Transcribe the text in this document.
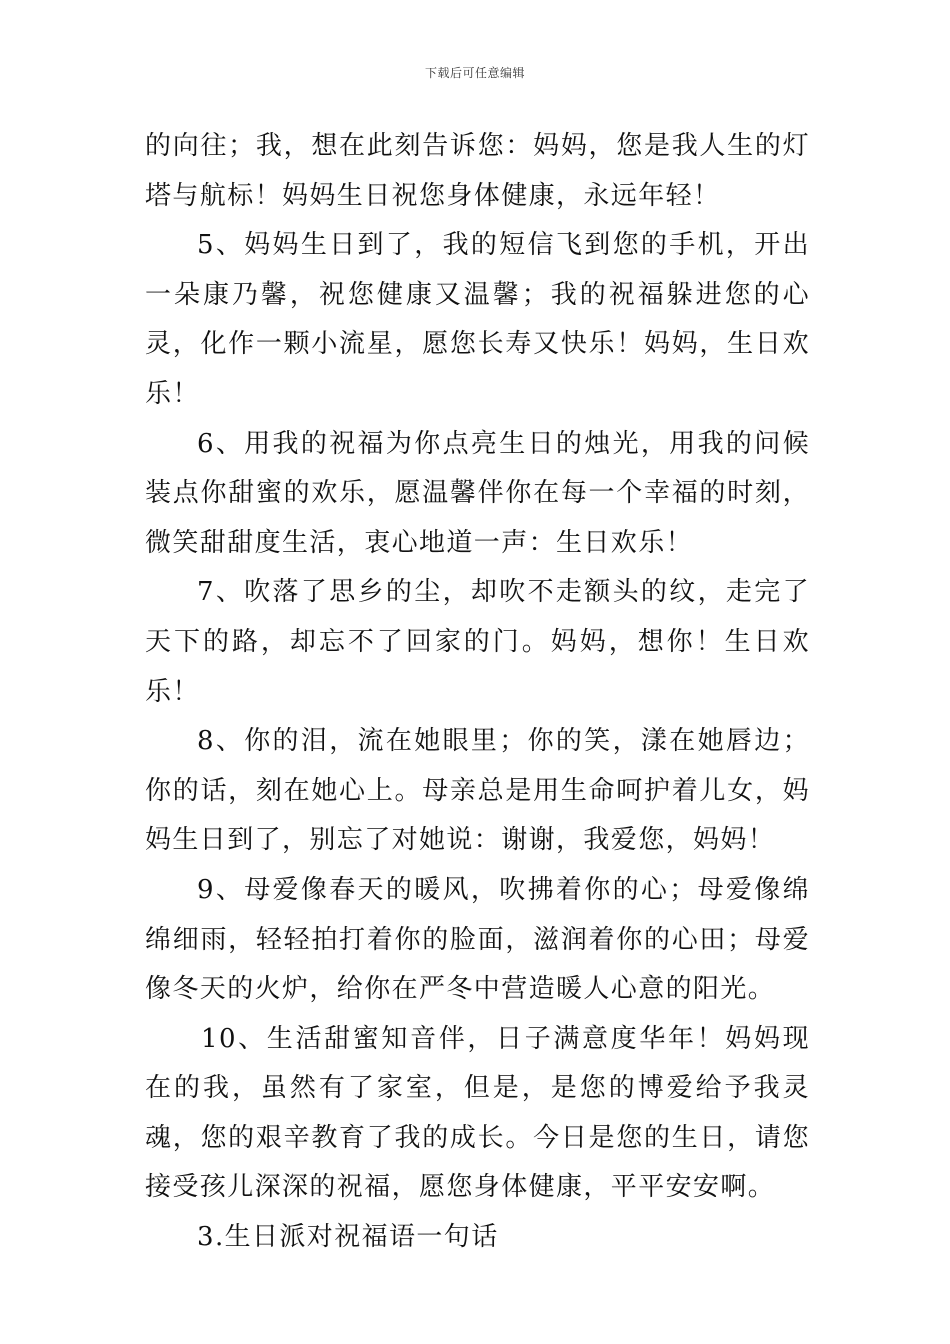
下载后可任意编辑

的向往；我，想在此刻告诉您：妈妈，您是我人生的灯塔与航标！妈妈生日祝您身体健康，永远年轻！

5、妈妈生日到了，我的短信飞到您的手机，开出一朵康乃馨，祝您健康又温馨；我的祝福躲进您的心灵，化作一颗小流星，愿您长寿又快乐！妈妈，生日欢乐！

6、用我的祝福为你点亮生日的烛光，用我的问候装点你甜蜜的欢乐，愿温馨伴你在每一个幸福的时刻，微笑甜甜度生活，衷心地道一声：生日欢乐！

7、吹落了思乡的尘，却吹不走额头的纹，走完了天下的路，却忘不了回家的门。妈妈，想你！生日欢乐！

8、你的泪，流在她眼里；你的笑，漾在她唇边；你的话，刻在她心上。母亲总是用生命呵护着儿女，妈妈生日到了，别忘了对她说：谢谢，我爱您，妈妈！

9、母爱像春天的暖风，吹拂着你的心；母爱像绵绵细雨，轻轻拍打着你的脸面，滋润着你的心田；母爱像冬天的火炉，给你在严冬中营造暖人心意的阳光。

10、生活甜蜜知音伴，日子满意度华年！妈妈现在的我，虽然有了家室，但是，是您的博爱给予我灵魂，您的艰辛教育了我的成长。今日是您的生日，请您接受孩儿深深的祝福，愿您身体健康，平平安安啊。

3.生日派对祝福语一句话
